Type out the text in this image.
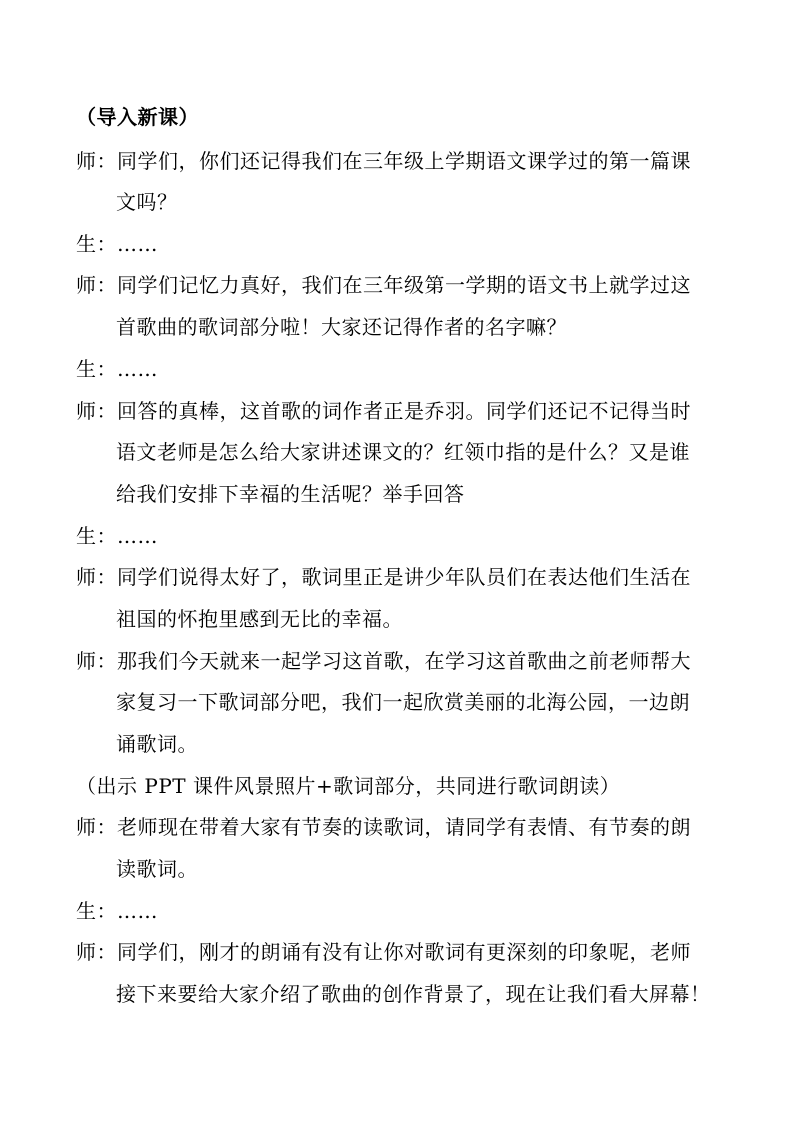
（导入新课）
师：同学们，你们还记得我们在三年级上学期语文课学过的第一篇课
文吗？
生：……
师：同学们记忆力真好，我们在三年级第一学期的语文书上就学过这
首歌曲的歌词部分啦！大家还记得作者的名字嘛？
生：……
师：回答的真棒，这首歌的词作者正是乔羽。同学们还记不记得当时
语文老师是怎么给大家讲述课文的？红领巾指的是什么？又是谁
给我们安排下幸福的生活呢？举手回答
生：……
师：同学们说得太好了，歌词里正是讲少年队员们在表达他们生活在
祖国的怀抱里感到无比的幸福。
师：那我们今天就来一起学习这首歌，在学习这首歌曲之前老师帮大
家复习一下歌词部分吧，我们一起欣赏美丽的北海公园，一边朗
诵歌词。
（出示 PPT 课件风景照片+歌词部分，共同进行歌词朗读）
师：老师现在带着大家有节奏的读歌词，请同学有表情、有节奏的朗
读歌词。
生：……
师：同学们，刚才的朗诵有没有让你对歌词有更深刻的印象呢，老师
接下来要给大家介绍了歌曲的创作背景了，现在让我们看大屏幕！
